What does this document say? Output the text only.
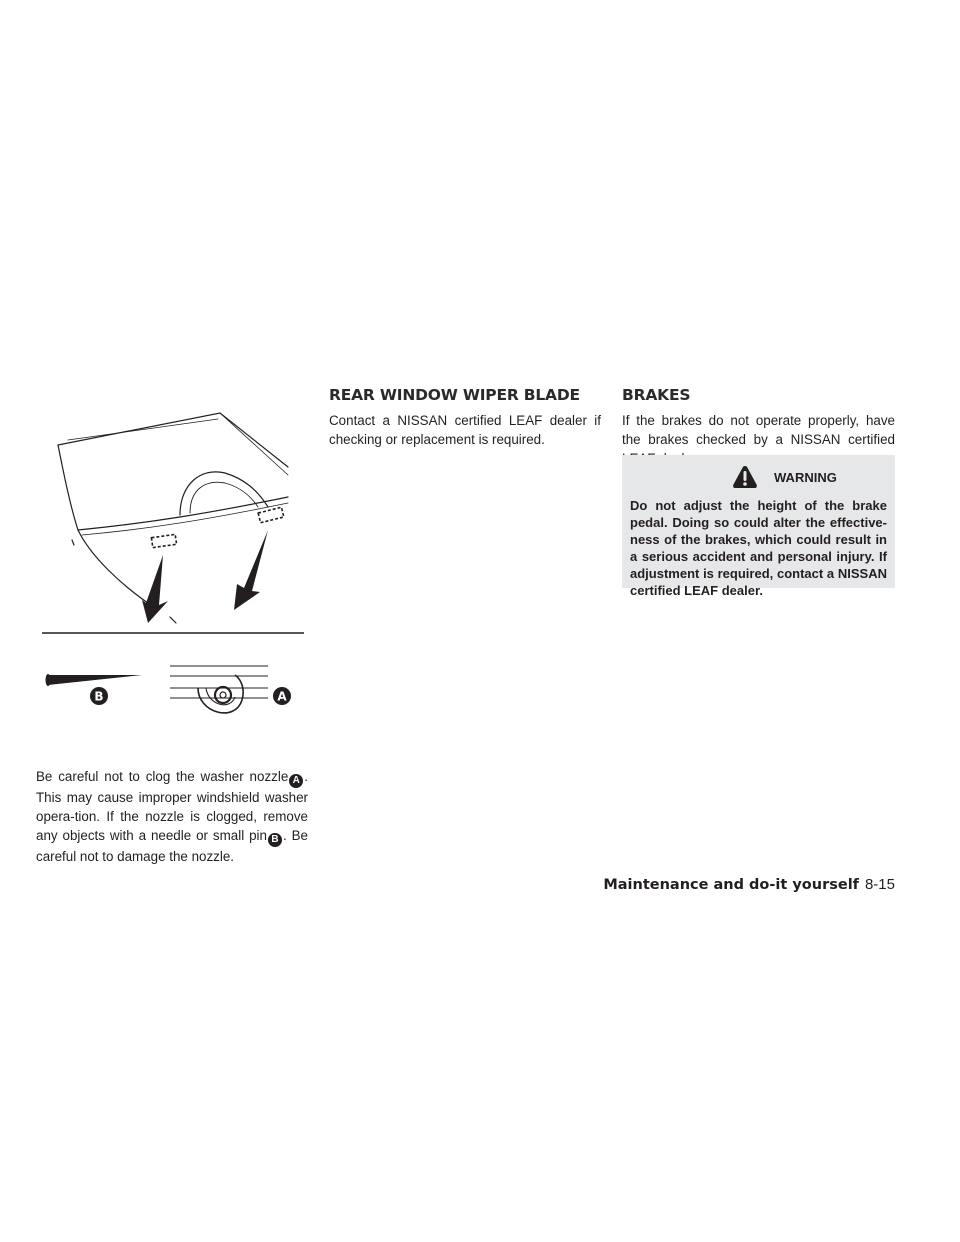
B	A

Be careful not to clog the washer nozzle A . This may cause improper windshield washer opera-tion. If the nozzle is clogged, remove any objects with a needle or small pin B . Be careful not to damage the nozzle.

REAR WINDOW WIPER BLADE

Contact a NISSAN certified LEAF dealer if checking or replacement is required.

BRAKES

If the brakes do not operate properly, have the brakes checked by a NISSAN certified

WARNING

Do not adjust the height of the brake pedal. Doing so could alter the effective-ness of the brakes, which could result in a serious accident and personal injury. If adjustment is required, contact a NISSAN certified LEAF dealer.

Maintenance and do-it yourself 8-15
